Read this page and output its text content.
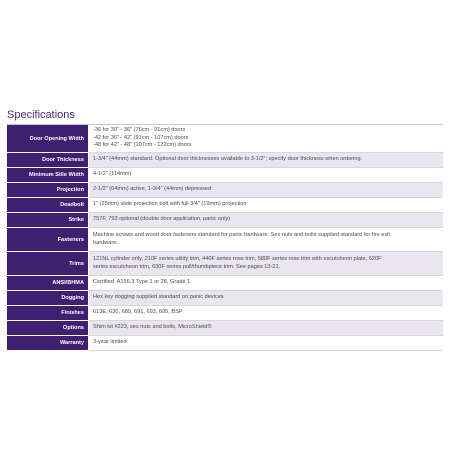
Specifications
Door Opening Width	-36 for 30" - 36" (76cm - 91cm) doors
-42 for 36" - 42" (91cm - 107cm) doors
-48 for 42" - 48" (107cm - 122cm) doors

Door Thickness	1-3/4" (44mm) standard. Optional door thicknesses available to 3-1/2"; specify door thickness when ordering.

Minimum Stile Width	4-1/2" (114mm)

Projection	2-1/2" (64mm) active, 1-3/4" (44mm) depressed

Deadbolt	1" (25mm) slide projection bolt with full 3/4" (19mm) projection

Strike	757F, 793 optional (double door application, panic only)

Fasteners	Machine screws and wood door fasteners standard for panic hardware. Sex nuts and bolts supplied standard for fire exit
hardware.

Trims	121NL cylinder only, 210F series utility trim, 440F series rose trim, 580F series rose trim with escutcheon plate, 620F
series escutcheon trim, 630F series pull/thumbpiece trim. See pages 13-21.

ANSI/BHMA	Certified: A156.3 Type 1 or 28, Grade 1

Dogging	Hex key dogging supplied standard on panic devices

Finishes	613E, 630, 689, 691, 693, 695, BSP

Options	Shim kit #223, sex nuts and bolts, MicroShield®

Warranty	3-year limited
